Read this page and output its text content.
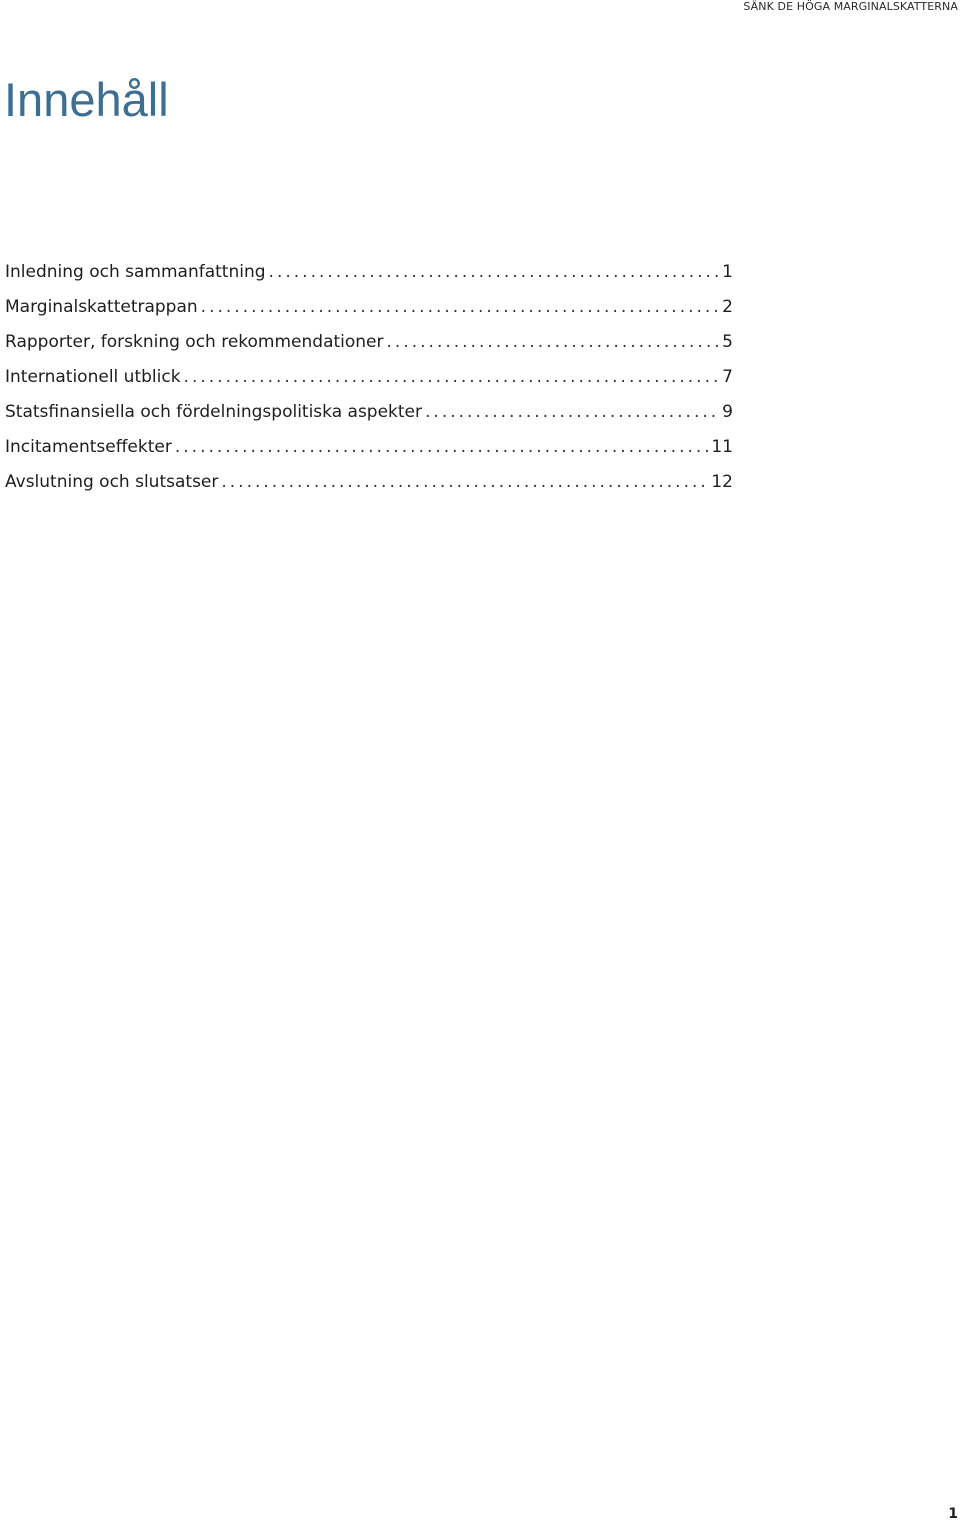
SÄNK DE HÖGA MARGINALSKATTERNA
Innehåll
Inledning och sammanfattning .....	1
Marginalskattetrappan .....	2
Rapporter, forskning och rekommendationer .....	5
Internationell utblick .....	7
Statsfinansiella och fördelningspolitiska aspekter .....	9
Incitamentseffekter .....	11
Avslutning och slutsatser .....	12
1
